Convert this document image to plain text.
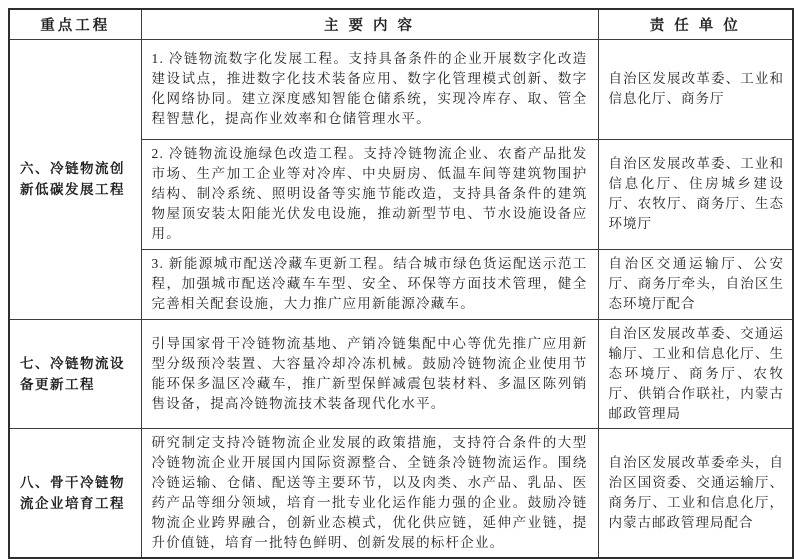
重点工程	主 要 内 容	责 任 单 位
六、冷链物流创新低碳发展工程	1. 冷链物流数字化发展工程。支持具备条件的企业开展数字化改造建设试点，推进数字化技术装备应用、数字化管理模式创新、数字化网络协同。建立深度感知智能仓储系统，实现冷库存、取、管全程智慧化，提高作业效率和仓储管理水平。	自治区发展改革委、工业和信息化厅、商务厅
	2. 冷链物流设施绿色改造工程。支持冷链物流企业、农畜产品批发市场、生产加工企业等对冷库、中央厨房、低温车间等建筑物围护结构、制冷系统、照明设备等实施节能改造，支持具备条件的建筑物屋顶安装太阳能光伏发电设施，推动新型节电、节水设施设备应用。	自治区发展改革委、工业和信息化厅、住房城乡建设厅、农牧厅、商务厅、生态环境厅
	3. 新能源城市配送冷藏车更新工程。结合城市绿色货运配送示范工程，加强城市配送冷藏车车型、安全、环保等方面技术管理，健全完善相关配套设施，大力推广应用新能源冷藏车。	自治区交通运输厅、公安厅、商务厅牵头，自治区生态环境厅配合
七、冷链物流设备更新工程	引导国家骨干冷链物流基地、产销冷链集配中心等优先推广应用新型分级预冷装置、大容量冷却冷冻机械。鼓励冷链物流企业使用节能环保多温区冷藏车，推广新型保鲜减震包装材料、多温区陈列销售设备，提高冷链物流技术装备现代化水平。	自治区发展改革委、交通运输厅、工业和信息化厅、生态环境厅、商务厅、农牧厅、供销合作联社，内蒙古邮政管理局
八、骨干冷链物流企业培育工程	研究制定支持冷链物流企业发展的政策措施，支持符合条件的大型冷链物流企业开展国内国际资源整合、全链条冷链物流运作。围绕冷链运输、仓储、配送等主要环节，以及肉类、水产品、乳品、医药产品等细分领域，培育一批专业化运作能力强的企业。鼓励冷链物流企业跨界融合，创新业态模式，优化供应链，延伸产业链，提升价值链，培育一批特色鲜明、创新发展的标杆企业。	自治区发展改革委牵头，自治区国资委、交通运输厅、商务厅、工业和信息化厅，内蒙古邮政管理局配合
